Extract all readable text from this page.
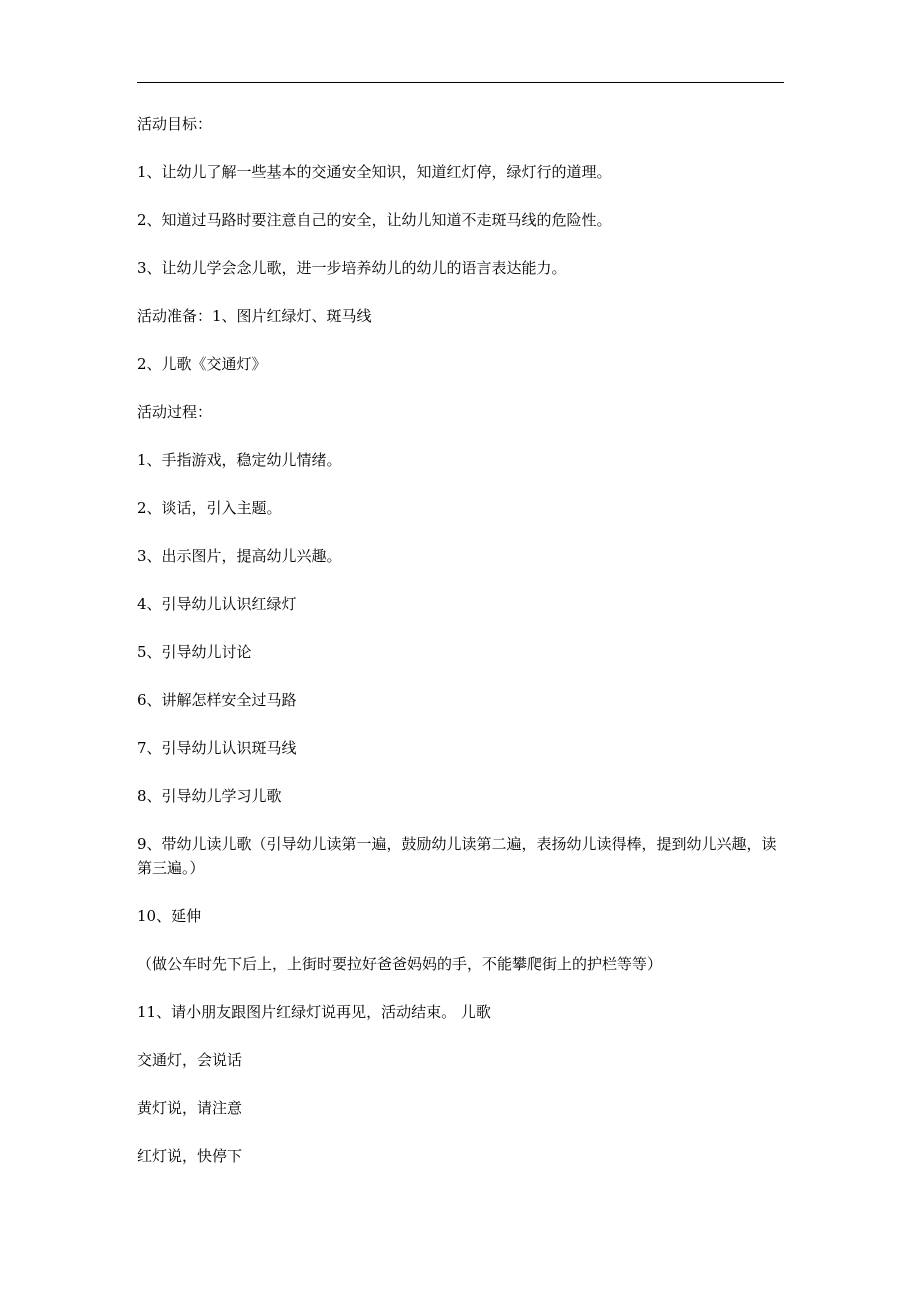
活动目标：

1、让幼儿了解一些基本的交通安全知识，知道红灯停，绿灯行的道理。

2、知道过马路时要注意自己的安全，让幼儿知道不走斑马线的危险性。

3、让幼儿学会念儿歌，进一步培养幼儿的幼儿的语言表达能力。

活动准备：1、图片红绿灯、斑马线

2、儿歌《交通灯》

活动过程：

1、手指游戏，稳定幼儿情绪。

2、谈话，引入主题。

3、出示图片，提高幼儿兴趣。

4、引导幼儿认识红绿灯

5、引导幼儿讨论

6、讲解怎样安全过马路

7、引导幼儿认识斑马线

8、引导幼儿学习儿歌

9、带幼儿读儿歌（引导幼儿读第一遍，鼓励幼儿读第二遍，表扬幼儿读得棒，提到幼儿兴趣，读第三遍。）

10、延伸

（做公车时先下后上，上街时要拉好爸爸妈妈的手，不能攀爬街上的护栏等等）

11、请小朋友跟图片红绿灯说再见，活动结束。 儿歌

交通灯，会说话

黄灯说，请注意

红灯说，快停下
